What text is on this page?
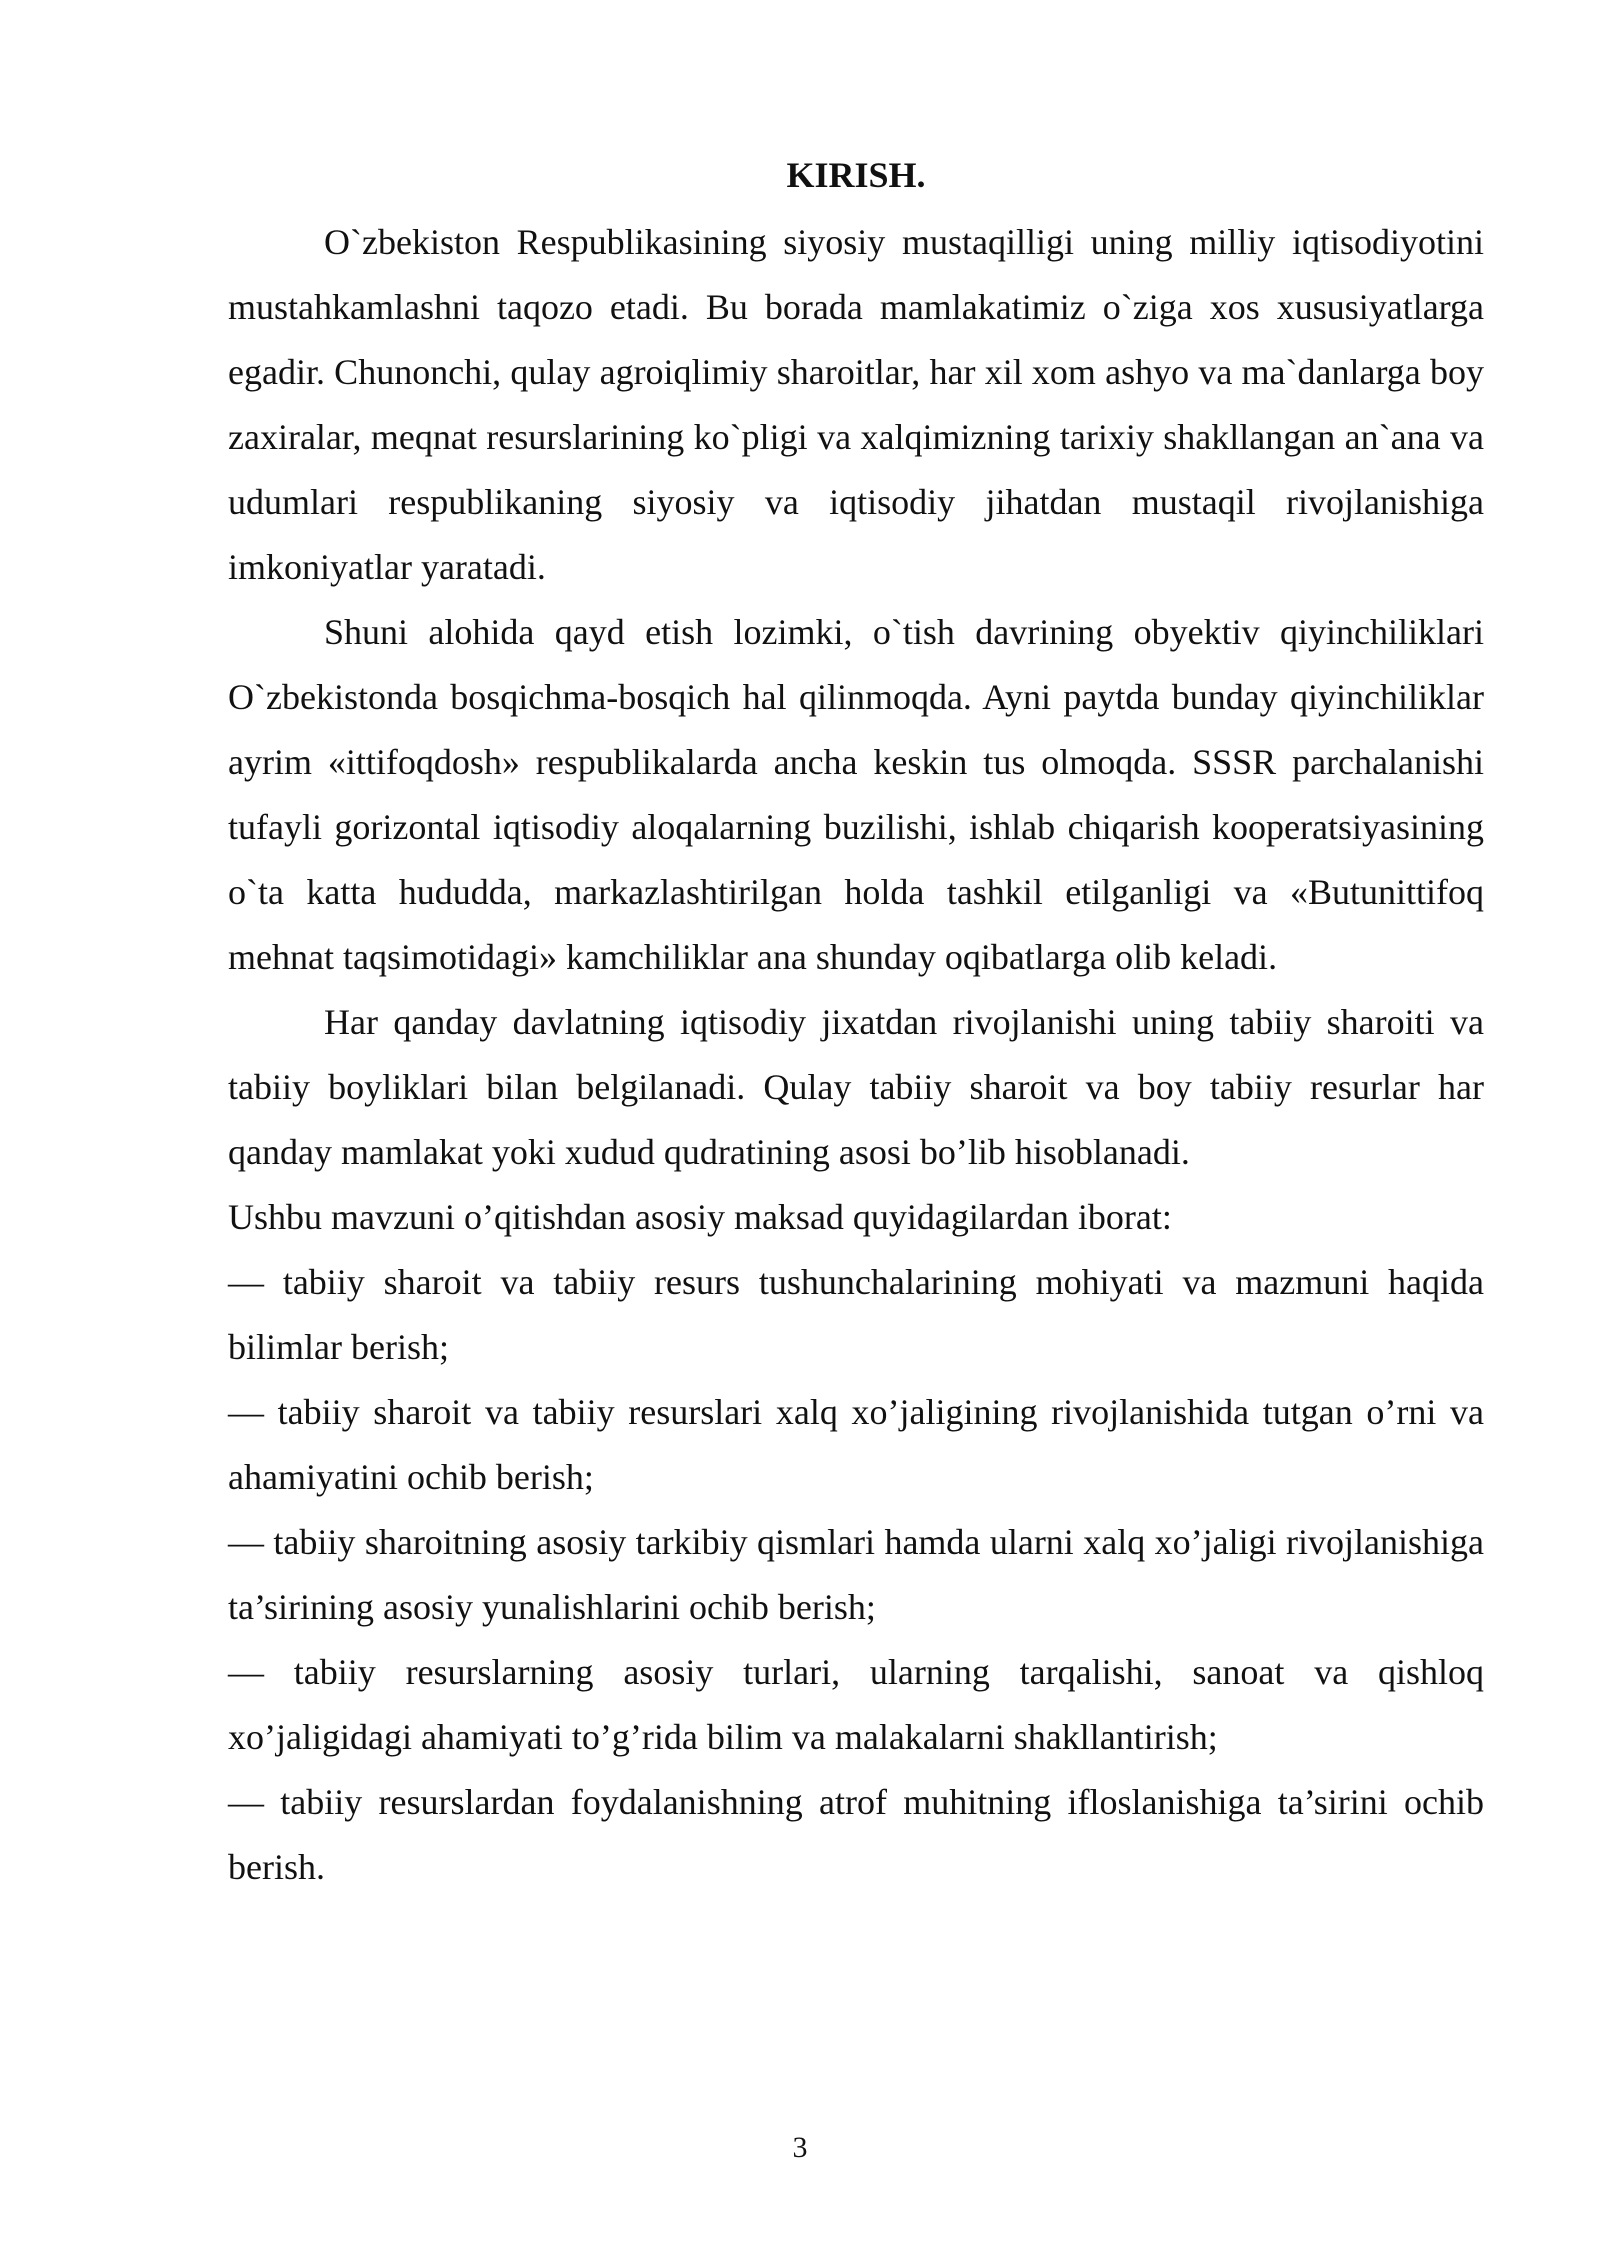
KIRISH.

O`zbekiston Respublikasining siyosiy mustaqilligi uning milliy iqtisodiyotini mustahkamlashni taqozo etadi. Bu borada mamlakatimiz o`ziga xos xususiyatlarga egadir. Chunonchi, qulay agroiqlimiy sharoitlar, har xil xom ashyo va ma`danlarga boy zaxiralar, meqnat resurslarining ko`pligi va xalqimizning tarixiy shakllangan an`ana va udumlari respublikaning siyosiy va iqtisodiy jihatdan mustaqil rivojlanishiga imkoniyatlar yaratadi.

Shuni alohida qayd etish lozimki, o`tish davrining obyektiv qiyinchiliklari O`zbekistonda bosqichma-bosqich hal qilinmoqda. Ayni paytda bunday qiyinchiliklar ayrim «ittifoqdosh» respublikalarda ancha keskin tus olmoqda. SSSR parchalanishi tufayli gorizontal iqtisodiy aloqalarning buzilishi, ishlab chiqarish kooperatsiyasining o`ta katta hududda, markazlashtirilgan holda tashkil etilganligi va «Butunittifoq mehnat taqsimotidagi» kamchiliklar ana shunday oqibatlarga olib keladi.

Har qanday davlatning iqtisodiy jixatdan rivojlanishi uning tabiiy sharoiti va tabiiy boyliklari bilan belgilanadi. Qulay tabiiy sharoit va boy tabiiy resurlar har qanday mamlakat yoki xudud qudratining asosi bo’lib hisoblanadi.

Ushbu mavzuni o’qitishdan asosiy maksad quyidagilardan iborat:

— tabiiy sharoit va tabiiy resurs tushunchalarining mohiyati va mazmuni haqida bilimlar berish;

— tabiiy sharoit va tabiiy resurslari xalq xo’jaligining rivojlanishida tutgan o’rni va ahamiyatini ochib berish;

— tabiiy sharoitning asosiy tarkibiy qismlari hamda ularni xalq xo’jaligi rivojlanishiga ta’sirining asosiy yunalishlarini ochib berish;

— tabiiy resurslarning asosiy turlari, ularning tarqalishi, sanoat va qishloq xo’jaligidagi ahamiyati to’g’rida bilim va malakalarni shakllantirish;

— tabiiy resurslardan foydalanishning atrof muhitning ifloslanishiga ta’sirini ochib berish.

3
